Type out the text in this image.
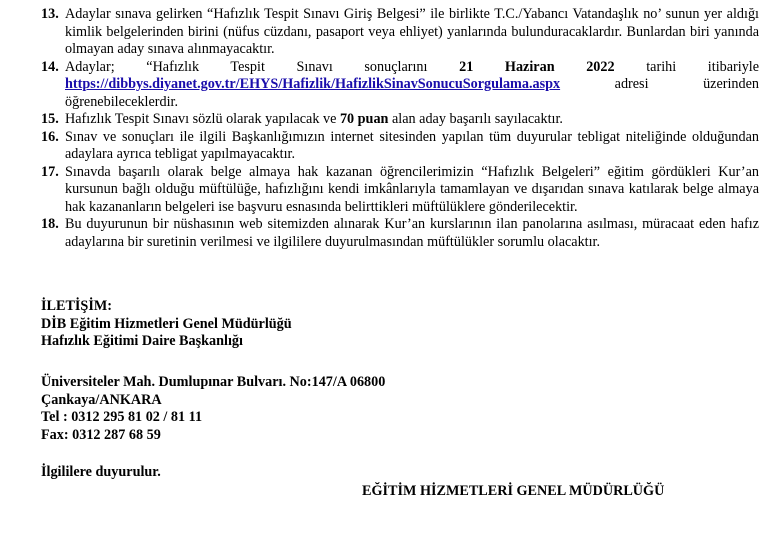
13. Adaylar sınava gelirken “Hafızlık Tespit Sınavı Giriş Belgesi” ile birlikte T.C./Yabancı Vatandaşlık no’ sunun yer aldığı kimlik belgelerinden birini (nüfus cüzdanı, pasaport veya ehliyet) yanlarında bulunduracaklardır. Bunlardan biri yanında olmayan aday sınava alınmayacaktır.
14. Adaylar; “Hafızlık Tespit Sınavı sonuçlarını 21 Haziran 2022 tarihi itibariyle https://dibbys.diyanet.gov.tr/EHYS/Hafizlik/HafizlikSinavSonucuSorgulama.aspx	adresi üzerinden öğrenebileceklerdir.
15. Hafızlık Tespit Sınavı sözlü olarak yapılacak ve 70 puan alan aday başarılı sayılacaktır.
16. Sınav ve sonuçları ile ilgili Başkanlığımızın internet sitesinden yapılan tüm duyurular tebligat niteliğinde olduğundan adaylara ayrıca tebligat yapılmayacaktır.
17. Sınavda başarılı olarak belge almaya hak kazanan öğrencilerimizin “Hafızlık Belgeleri” eğitim gördükleri Kur’an kursunun bağlı olduğu müftülüğe, hafızlığını kendi imkânlarıyla tamamlayan ve dışarıdan sınava katılarak belge almaya hak kazananların belgeleri ise başvuru esnasında belirttikleri müftülüklere gönderilecektir.
18. Bu duyurunun bir nüshasının web sitemizden alınarak Kur’an kurslarının ilan panolarına asılması, müracaat eden hafız adaylarına bir suretinin verilmesi ve ilgililere duyurulmasından müftülükler sorumlu olacaktır.
İLETİŞİM:
DİB Eğitim Hizmetleri Genel Müdürlüğü
Hafızlık Eğitimi Daire Başkanlığı
Üniversiteler Mah. Dumlupınar Bulvarı. No:147/A 06800
Çankaya/ANKARA
Tel : 0312 295 81 02 / 81 11
Fax: 0312 287 68 59
İlgililere duyurulur.
EĞİTİM HİZMETLERİ GENEL MÜDÜRLÜĞÜ
